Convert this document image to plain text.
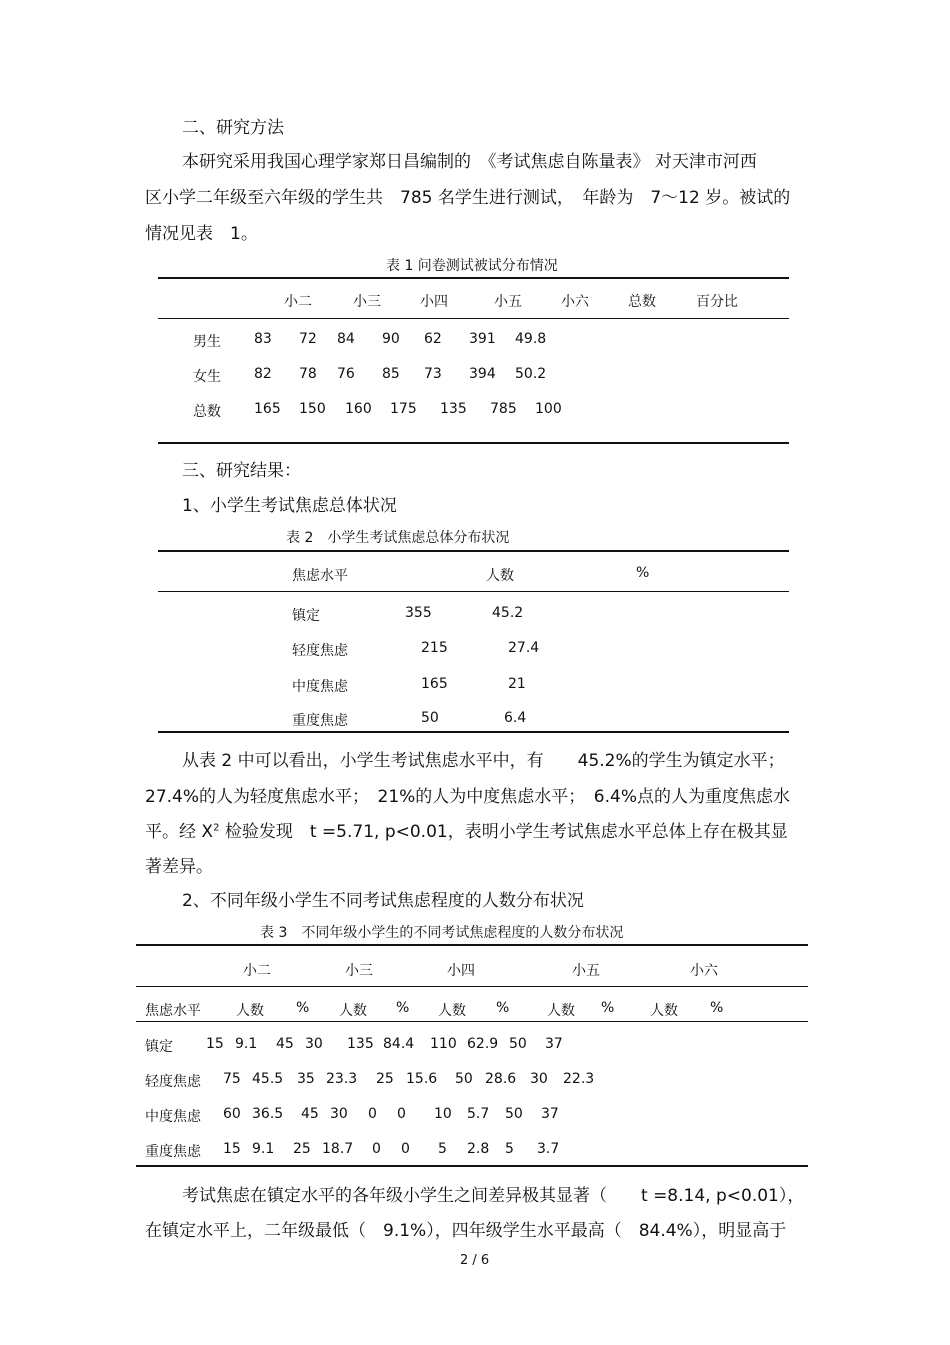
二、研究方法
本研究采用我国心理学家郑日昌编制的　《考试焦虑自陈量表》 对天津市河西
区小学二年级至六年级的学生共　785 名学生进行测试，　年龄为　7～12 岁。被试的
情况见表　1。
表 1 问卷测试被试分布情况
小二	小三	小四	小五	小六	总数	百分比
男生 83 72 84 90 62 391 49.8
女生 82 78 76 85 73 394 50.2
总数 165 150 160 175 135 785 100
三、研究结果：
1、小学生考试焦虑总体状况
表 2　小学生考试焦虑总体分布状况
焦虑水平	人数	%
镇定	355	45.2
轻度焦虑	215	27.4
中度焦虑	165	21
重度焦虑	50	6.4
从表 2 中可以看出，小学生考试焦虑水平中，有　　45.2%的学生为镇定水平；
27.4%的人为轻度焦虑水平；　21%的人为中度焦虑水平；　6.4%点的人为重度焦虑水
平。经 $X^2$ 检验发现　t =5.71, p<0.01，表明小学生考试焦虑水平总体上存在极其显
著差异。
2、不同年级小学生不同考试焦虑程度的人数分布状况
表 3　不同年级小学生的不同考试焦虑程度的人数分布状况
小二	小三	小四	小五	小六
焦虑水平	人数 % 人数 % 人数 %	人数 %	人数 %
镇定 15 9.1 45 30 135 84.4 110 62.9 50 37
轻度焦虑 75 45.5 35 23.3 25 15.6 50 28.6 30 22.3
中度焦虑 60 36.5 45 30 0 0 10 5.7 50 37
重度焦虑 15 9.1 25 18.7 0 0 5 2.8 5 3.7
考试焦虑在镇定水平的各年级小学生之间差异极其显著（　　t =8.14, p<0.01），
在镇定水平上，二年级最低（　9.1%），四年级学生水平最高（　84.4%），明显高于
2 / 6
